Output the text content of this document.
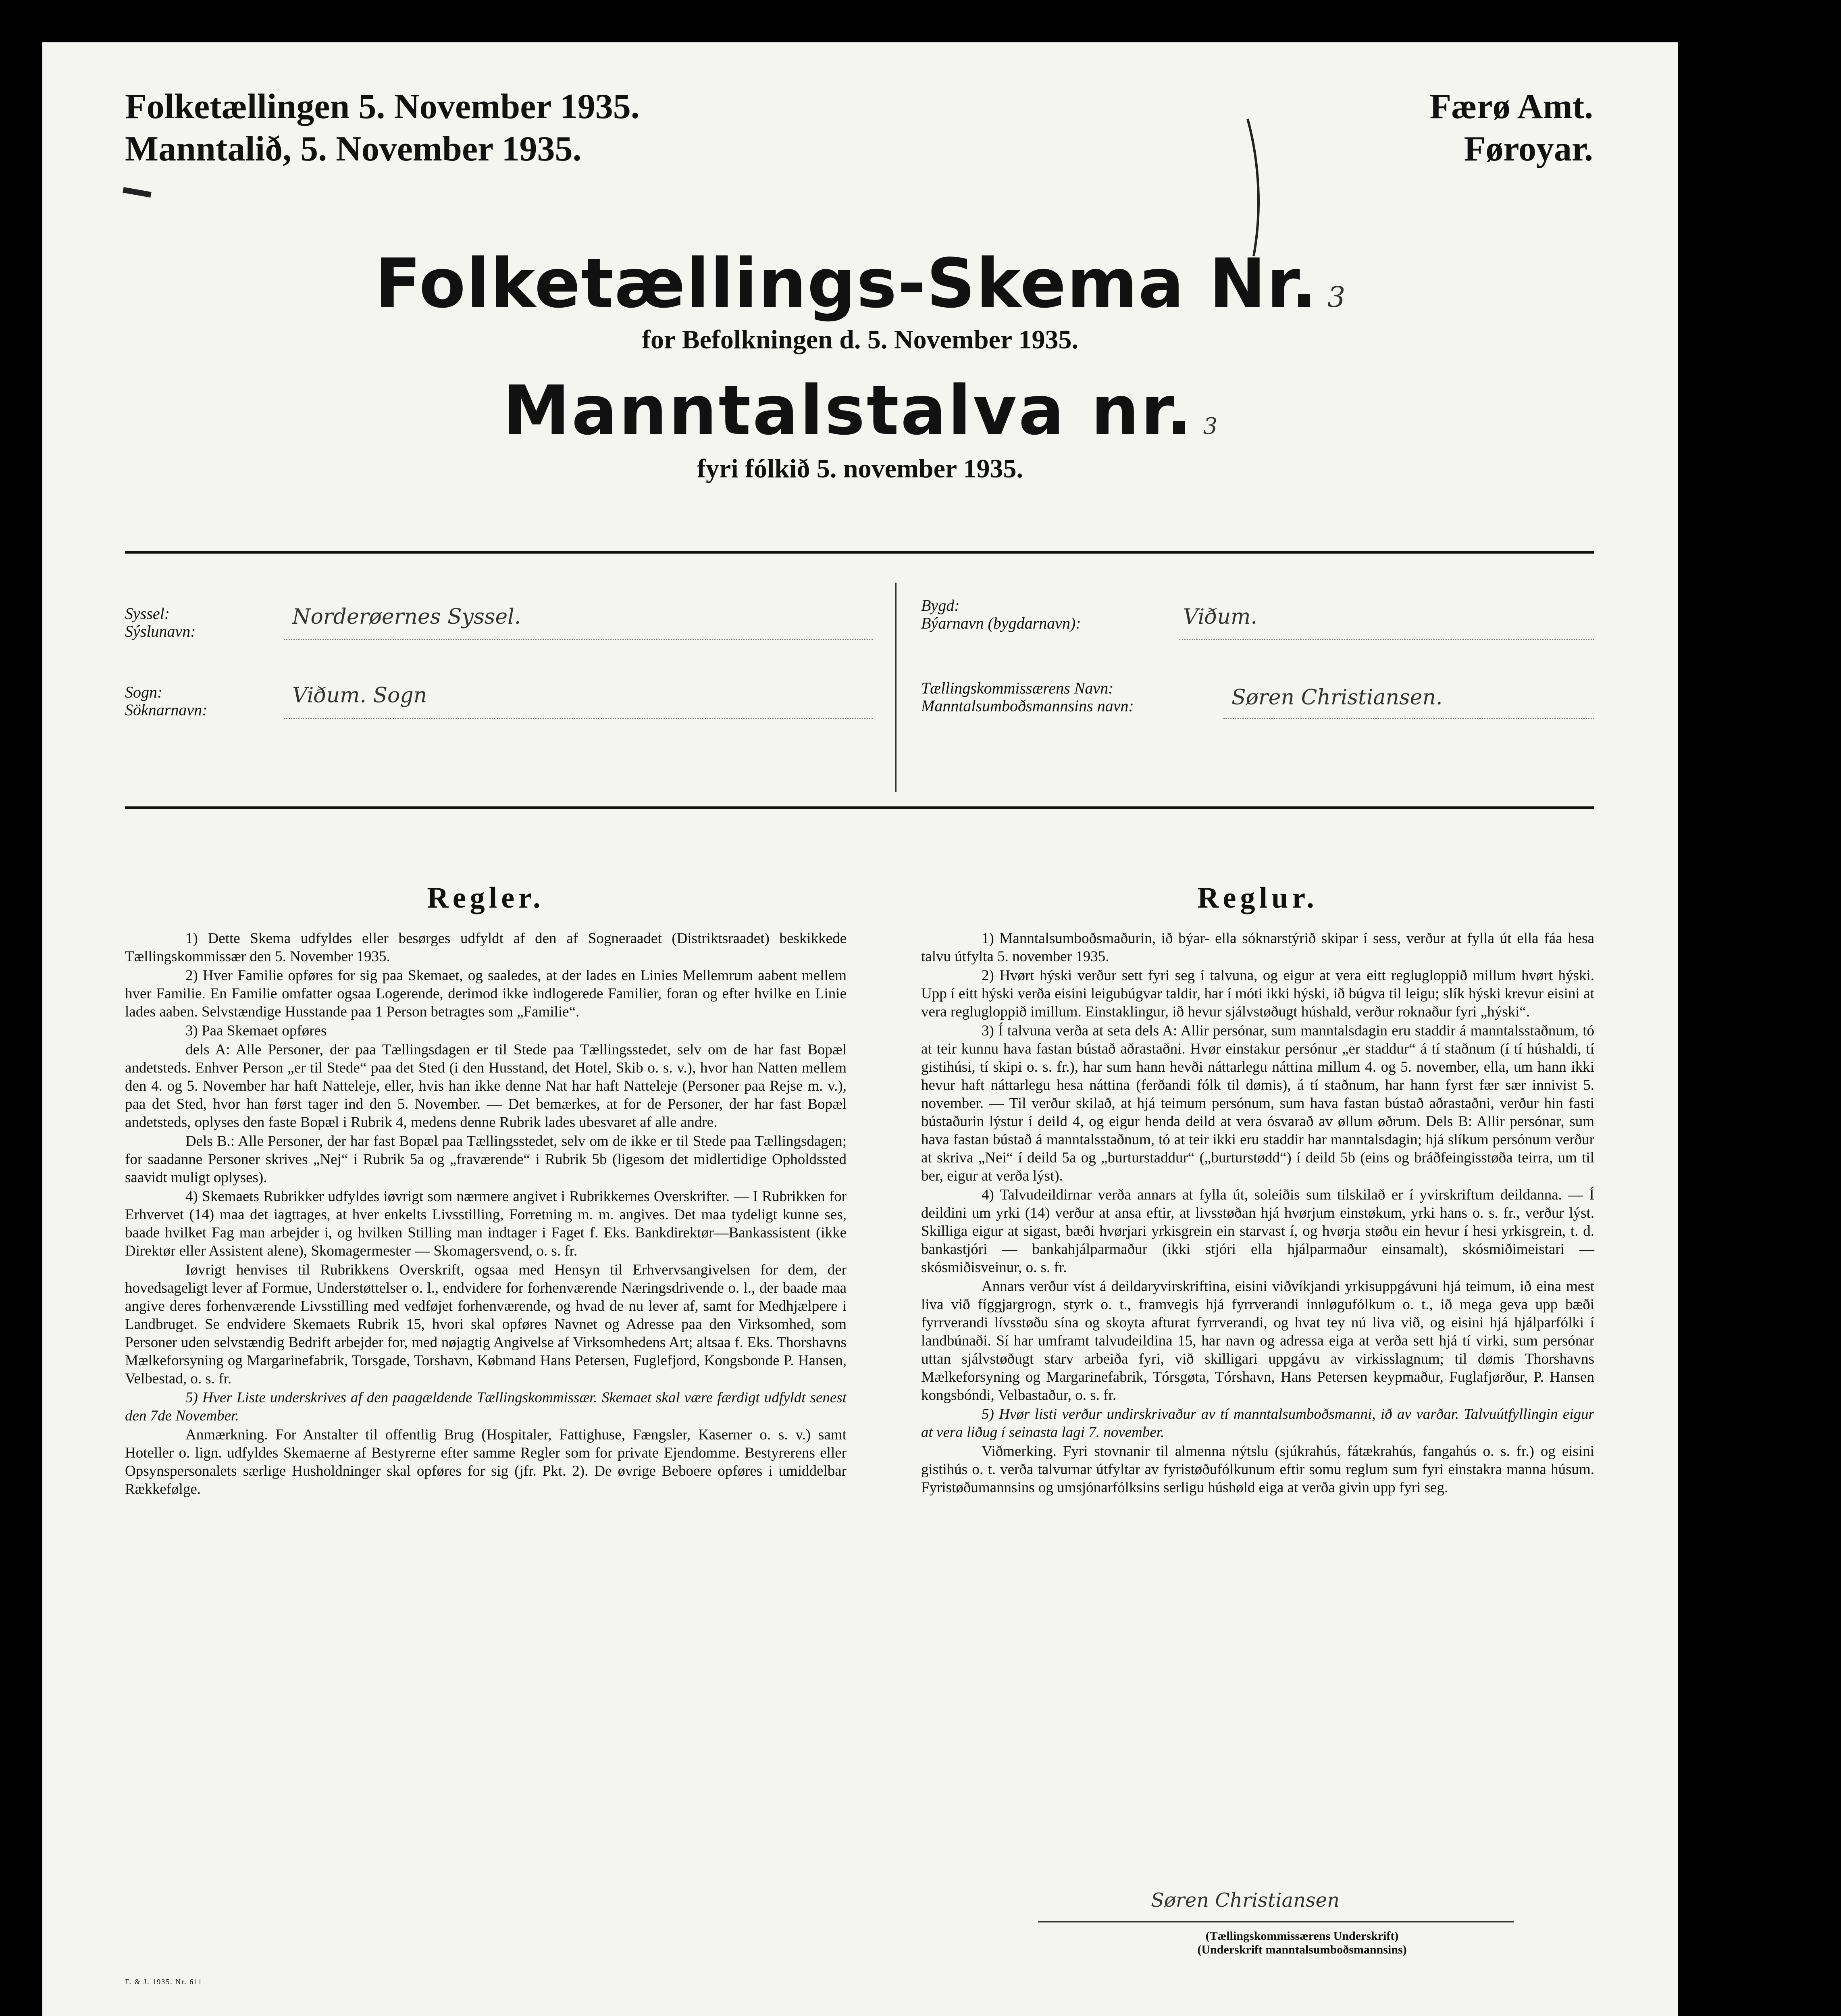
Folketællingen 5. November 1935.
Manntalið, 5. November 1935.
Færø Amt.
Føroyar.
Folketællings-Skema Nr. 3
for Befolkningen d. 5. November 1935.
Manntalstalva nr. 3
fyri fólkið 5. november 1935.
Syssel:
Sýslunavn:
Norderøernes Syssel.
Sogn:
Söknarnavn:
Viðum. Sogn
Bygd:
Býarnavn (bygdarnavn):	Viðum.
Tællingskommissærens Navn:
Manntalsumboðsmannsins navn:	Søren Christiansen.
Regler.

1) Dette Skema udfyldes eller besørges udfyldt af den af Sogneraadet (Distriktsraadet) beskikkede Tællingskommissær den 5. November 1935.

2) Hver Familie opføres for sig paa Skemaet, og saaledes, at der lades en Linies Mellemrum aabent mellem hver Familie. En Familie omfatter ogsaa Logerende, derimod ikke indlogerede Familier, foran og efter hvilke en Linie lades aaben. Selvstændige Husstande paa 1 Person betragtes som „Familie“.

3) Paa Skemaet opføres

dels A: Alle Personer, der paa Tællingsdagen er til Stede paa Tællingsstedet, selv om de har fast Bopæl andetsteds. Enhver Person „er til Stede“ paa det Sted (i den Husstand, det Hotel, Skib o. s. v.), hvor han Natten mellem den 4. og 5. November har haft Natteleje, eller, hvis han ikke denne Nat har haft Natteleje (Personer paa Rejse m. v.), paa det Sted, hvor han først tager ind den 5. November. — Det bemærkes, at for de Personer, der har fast Bopæl andetsteds, oplyses den faste Bopæl i Rubrik 4, medens denne Rubrik lades ubesvaret af alle andre.

Dels B.: Alle Personer, der har fast Bopæl paa Tællingsstedet, selv om de ikke er til Stede paa Tællingsdagen; for saadanne Personer skrives „Nej“ i Rubrik 5a og „fraværende“ i Rubrik 5b (ligesom det midlertidige Opholdssted saavidt muligt oplyses).

4) Skemaets Rubrikker udfyldes iøvrigt som nærmere angivet i Rubrikkernes Overskrifter. — I Rubrikken for Erhvervet (14) maa det iagttages, at hver enkelts Livsstilling, Forretning m. m. angives. Det maa tydeligt kunne ses, baade hvilket Fag man arbejder i, og hvilken Stilling man indtager i Faget f. Eks. Bankdirektør—Bankassistent (ikke Direktør eller Assistent alene), Skomagermester — Skomagersvend, o. s. fr.

Iøvrigt henvises til Rubrikkens Overskrift, ogsaa med Hensyn til Erhvervsangivelsen for dem, der hovedsageligt lever af Formue, Understøttelser o. l., endvidere for forhenværende Næringsdrivende o. l., der baade maa angive deres forhenværende Livsstilling med vedføjet forhenværende, og hvad de nu lever af, samt for Medhjælpere i Landbruget. Se endvidere Skemaets Rubrik 15, hvori skal opføres Navnet og Adresse paa den Virksomhed, som Personer uden selvstændig Bedrift arbejder for, med nøjagtig Angivelse af Virksomhedens Art; altsaa f. Eks. Thorshavns Mælkeforsyning og Margarinefabrik, Torsgade, Torshavn, Købmand Hans Petersen, Fuglefjord, Kongsbonde P. Hansen, Velbestad, o. s. fr.

5) Hver Liste underskrives af den paagældende Tællingskommissær. Skemaet skal være færdigt udfyldt senest den 7de November.

Anmærkning. For Anstalter til offentlig Brug (Hospitaler, Fattighuse, Fængsler, Kaserner o. s. v.) samt Hoteller o. lign. udfyldes Skemaerne af Bestyrerne efter samme Regler som for private Ejendomme. Bestyrerens eller Opsynspersonalets særlige Husholdninger skal opføres for sig (jfr. Pkt. 2). De øvrige Beboere opføres i umiddelbar Rækkefølge.

Reglur.

1) Manntalsumboðsmaðurin, ið býar- ella sóknarstýrið skipar í sess, verður at fylla út ella fáa hesa talvu útfylta 5. november 1935.

2) Hvørt hýski verður sett fyri seg í talvuna, og eigur at vera eitt reglugloppið millum hvørt hýski. Upp í eitt hýski verða eisini leigubúgvar taldir, har í móti ikki hýski, ið búgva til leigu; slík hýski krevur eisini at vera reglugloppið imillum. Einstaklingur, ið hevur sjálvstøðugt húshald, verður roknaður fyri „hýski“.

3) Í talvuna verða at seta dels A: Allir persónar, sum manntalsdagin eru staddir á manntalsstaðnum, tó at teir kunnu hava fastan bústað aðrastaðni. Hvør einstakur persónur „er staddur“ á tí staðnum (í tí húshaldi, tí gistihúsi, tí skipi o. s. fr.), har sum hann hevði náttarlegu náttina millum 4. og 5. november, ella, um hann ikki hevur haft náttarlegu hesa náttina (ferðandi fólk til dømis), á tí staðnum, har hann fyrst fær sær innivist 5. november. — Til verður skilað, at hjá teimum persónum, sum hava fastan bústað aðrastaðni, verður hin fasti bústaðurin lýstur í deild 4, og eigur henda deild at vera ósvarað av øllum øðrum. Dels B: Allir persónar, sum hava fastan bústað á manntalsstaðnum, tó at teir ikki eru staddir har manntalsdagin; hjá slíkum persónum verður at skriva „Nei“ í deild 5a og „burturstaddur“ („burturstødd“) í deild 5b (eins og bráðfeingisstøða teirra, um til ber, eigur at verða lýst).

4) Talvudeildirnar verða annars at fylla út, soleiðis sum tilskilað er í yvirskriftum deildanna. — Í deildini um yrki (14) verður at ansa eftir, at livsstøðan hjá hvørjum einstøkum, yrki hans o. s. fr., verður lýst. Skilliga eigur at sigast, bæði hvørjari yrkisgrein ein starvast í, og hvørja støðu ein hevur í hesi yrkisgrein, t. d. bankastjóri — bankahjálparmaður (ikki stjóri ella hjálparmaður einsamalt), skósmiðimeistari — skósmiðisveinur, o. s. fr.

Annars verður víst á deildaryvirskriftina, eisini viðvíkjandi yrkisuppgávuni hjá teimum, ið eina mest liva við fíggjargrogn, styrk o. t., framvegis hjá fyrrverandi innløgufólkum o. t., ið mega geva upp bæði fyrrverandi lívsstøðu sína og skoyta afturat fyrrverandi, og hvat tey nú liva við, og eisini hjá hjálparfólki í landbúnaði. Sí har umframt talvudeildina 15, har navn og adressa eiga at verða sett hjá tí virki, sum persónar uttan sjálvstøðugt starv arbeiða fyri, við skilligari uppgávu av virkisslagnum; til dømis Thorshavns Mælkeforsyning og Margarinefabrik, Tórsgøta, Tórshavn, Hans Petersen keypmaður, Fuglafjørður, P. Hansen kongsbóndi, Velbastaður, o. s. fr.

5) Hvør listi verður undirskrivaður av tí manntalsumboðsmanni, ið av varðar. Talvuútfyllingin eigur at vera liðug í seinasta lagi 7. november.

Viðmerking. Fyri stovnanir til almenna nýtslu (sjúkrahús, fátækrahús, fangahús o. s. fr.) og eisini gistihús o. t. verða talvurnar útfyltar av fyristøðufólkunum eftir somu reglum sum fyri einstakra manna húsum. Fyristøðumannsins og umsjónarfólksins serligu húshøld eiga at verða givin upp fyri seg.

Søren Christiansen
(Tællingskommissærens Underskrift)
(Underskrift manntalsumboðsmannsins)
F. & J. 1935. Nr. 611
